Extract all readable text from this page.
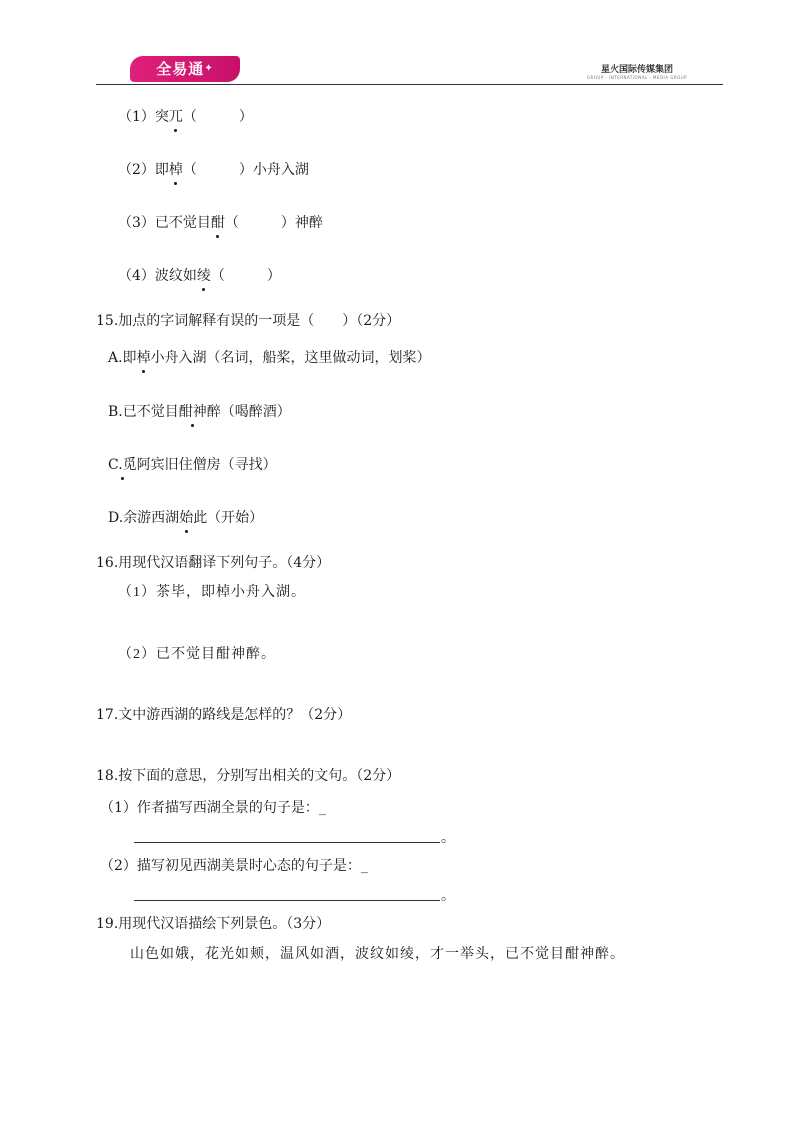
全易通✦	星火国际传媒集团
GROUP · INTERNATIONAL · MEDIA GROUP
（1）突兀（　　　）
（2）即棹（　　　）小舟入湖
（3）已不觉目酣（　　　）神醉
（4）波纹如绫（　　　）
15.加点的字词解释有误的一项是（　　）（2分）
A.即棹小舟入湖（名词，船桨，这里做动词，划桨）
B.已不觉目酣神醉（喝醉酒）
C.觅阿宾旧住僧房（寻找）
D.余游西湖始此（开始）
16.用现代汉语翻译下列句子。（4分）
（1）茶毕，即棹小舟入湖。
（2）已不觉目酣神醉。
17.文中游西湖的路线是怎样的？（2分）
18.按下面的意思，分别写出相关的文句。（2分）
（1）作者描写西湖全景的句子是：_
。
（2）描写初见西湖美景时心态的句子是：_
。
19.用现代汉语描绘下列景色。（3分）
山色如娥，花光如颊，温风如酒，波纹如绫，才一举头，已不觉目酣神醉。
